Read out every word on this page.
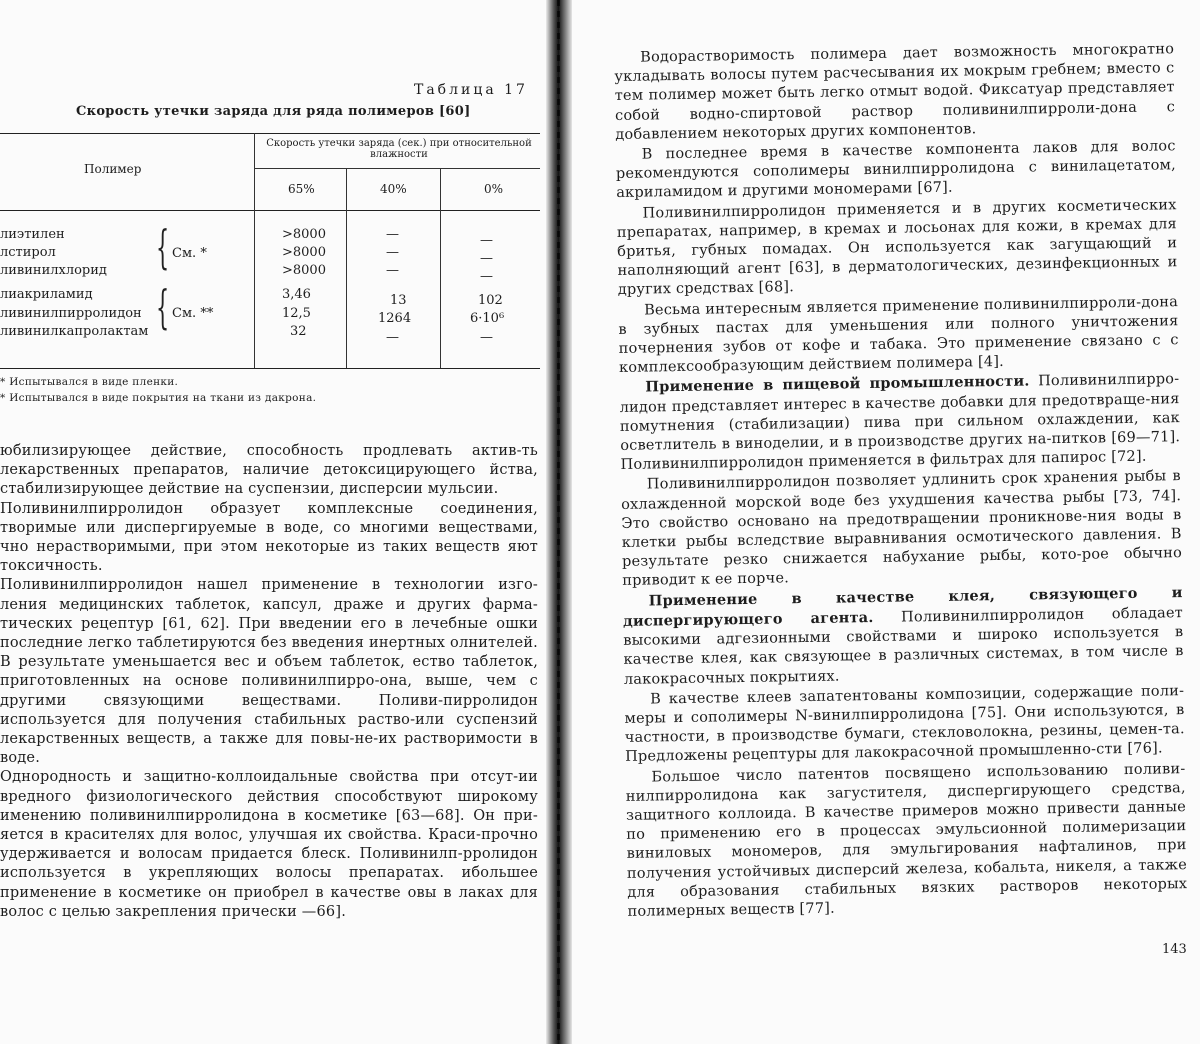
Таблица 17
Скорость утечки заряда для ряда полимеров [60]
Полимер
Скорость утечки заряда (сек.) при относительной влажности
65%	40%	0%
лиэтилен
лстирол
ливинилхлорид
лиакриламид
ливинилпирролидон
ливинилкапролактам
{ См. *
{ См. **
>8000
>8000
>8000
3,46
12,5
32
—
—
—
13
1264
—
—
—
—
102
6·10⁶
—
* Испытывался в виде пленки.
* Испытывался в виде покрытия на ткани из дакрона.

юбилизирующее действие, способность продлевать актив-ть лекарственных препаратов, наличие детоксицирующего йства, стабилизирующее действие на суспензии, дисперсии мульсии.

Поливинилпирролидон образует комплексные соединения, творимые или диспергируемые в воде, со многими веществами, чно нерастворимыми, при этом некоторые из таких веществ яют токсичность.

Поливинилпирролидон нашел применение в технологии изго-ления медицинских таблеток, капсул, драже и других фарма-тических рецептур [61, 62]. При введении его в лечебные ошки последние легко таблетируются без введения инертных олнителей. В результате уменьшается вес и объем таблеток, ество таблеток, приготовленных на основе поливинилпирро-она, выше, чем с другими связующими веществами. Поливи-пирролидон используется для получения стабильных раство-или суспензий лекарственных веществ, а также для повы-не-их растворимости в воде.

Однородность и защитно-коллоидальные свойства при отсут-ии вредного физиологического действия способствуют широкому именению поливинилпирролидона в косметике [63—68]. Он при-яется в красителях для волос, улучшая их свойства. Краси-прочно удерживается и волосам придается блеск. Поливинилп-рролидон используется в укрепляющих волосы препаратах. ибольшее применение в косметике он приобрел в качестве овы в лаках для волос с целью закрепления прически —66].

Водорастворимость полимера дает возможность многократно укладывать волосы путем расчесывания их мокрым гребнем; вместо с тем полимер может быть легко отмыт водой. Фиксатуар представляет собой водно-спиртовой раствор поливинилпирроли-дона с добавлением некоторых других компонентов.

В последнее время в качестве компонента лаков для волос рекомендуются сополимеры винилпирролидона с винилацетатом, акриламидом и другими мономерами [67].

Поливинилпирролидон применяется и в других косметических препаратах, например, в кремах и лосьонах для кожи, в кремах для бритья, губных помадах. Он используется как загущающий и наполняющий агент [63], в дерматологических, дезинфекционных и других средствах [68].

Весьма интересным является применение поливинилпирроли-дона в зубных пастах для уменьшения или полного уничтожения почернения зубов от кофе и табака. Это применение связано с с комплексообразующим действием полимера [4].

Применение в пищевой промышленности. Поливинилпирро-лидон представляет интерес в качестве добавки для предотвраще-ния помутнения (стабилизации) пива при сильном охлаждении, как осветлитель в виноделии, и в производстве других на-питков [69—71]. Поливинилпирролидон применяется в фильтрах для папирос [72].

Поливинилпирролидон позволяет удлинить срок хранения рыбы в охлажденной морской воде без ухудшения качества рыбы [73, 74]. Это свойство основано на предотвращении проникнове-ния воды в клетки рыбы вследствие выравнивания осмотического давления. В результате резко снижается набухание рыбы, кото-рое обычно приводит к ее порче.

Применение в качестве клея, связующего и диспергирующего агента. Поливинилпирролидон обладает высокими адгезионными свойствами и широко используется в качестве клея, как связующее в различных системах, в том числе в лакокрасочных покрытиях.

В качестве клеев запатентованы композиции, содержащие поли-меры и сополимеры N-винилпирролидона [75]. Они используются, в частности, в производстве бумаги, стекловолокна, резины, цемен-та. Предложены рецептуры для лакокрасочной промышленно-сти [76].

Большое число патентов посвящено использованию поливи-нилпирролидона как загустителя, диспергирующего средства, защитного коллоида. В качестве примеров можно привести данные по применению его в процессах эмульсионной полимеризации виниловых мономеров, для эмульгирования нафталинов, при получения устойчивых дисперсий железа, кобальта, никеля, а также для образования стабильных вязких растворов некоторых полимерных веществ [77].

143
